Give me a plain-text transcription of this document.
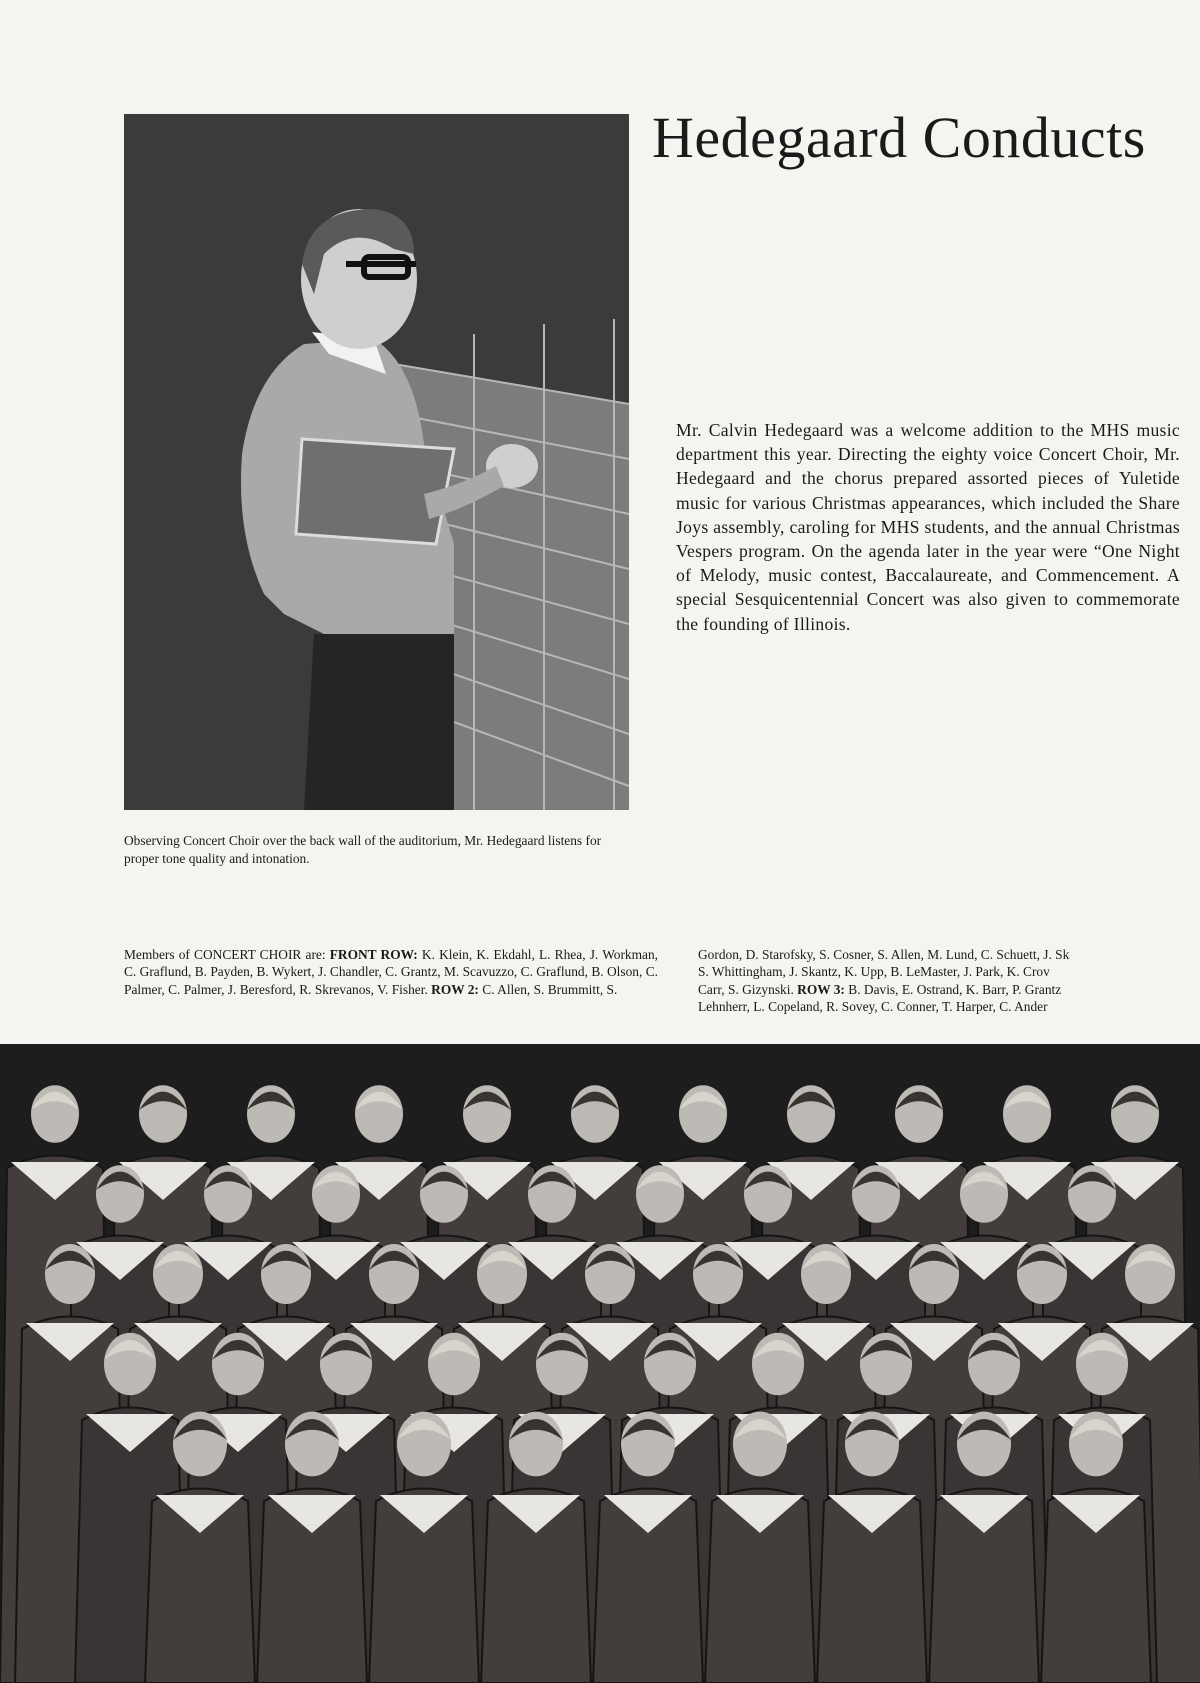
Hedegaard Conducts

Mr. Calvin Hedegaard was a welcome addition to the MHS music department this year. Directing the eighty voice Concert Choir, Mr. Hedegaard and the chorus prepared assorted pieces of Yuletide music for various Christmas appearances, which included the Share Joys assembly, caroling for MHS students, and the annual Christmas Vespers program. On the agenda later in the year were “One Night of Melody, music contest, Baccalaureate, and Commencement. A special Sesquicentennial Concert was also given to commemorate the founding of Illinois.

Observing Concert Choir over the back wall of the auditorium, Mr. Hedegaard listens for proper tone quality and intonation.

Members of CONCERT CHOIR are: FRONT ROW: K. Klein, K. Ekdahl, L. Rhea, J. Workman, C. Graflund, B. Payden, B. Wykert, J. Chandler, C. Grantz, M. Scavuzzo, C. Graflund, B. Olson, C. Palmer, C. Palmer, J. Beresford, R. Skrevanos, V. Fisher. ROW 2: C. Allen, S. Brummitt, S.

Gordon, D. Starofsky, S. Cosner, S. Allen, M. Lund, C. Schuett, J. Sk
S. Whittingham, J. Skantz, K. Upp, B. LeMaster, J. Park, K. Crov
Carr, S. Gizynski. ROW 3: B. Davis, E. Ostrand, K. Barr, P. Grantz
Lehnherr, L. Copeland, R. Sovey, C. Conner, T. Harper, C. Ander
